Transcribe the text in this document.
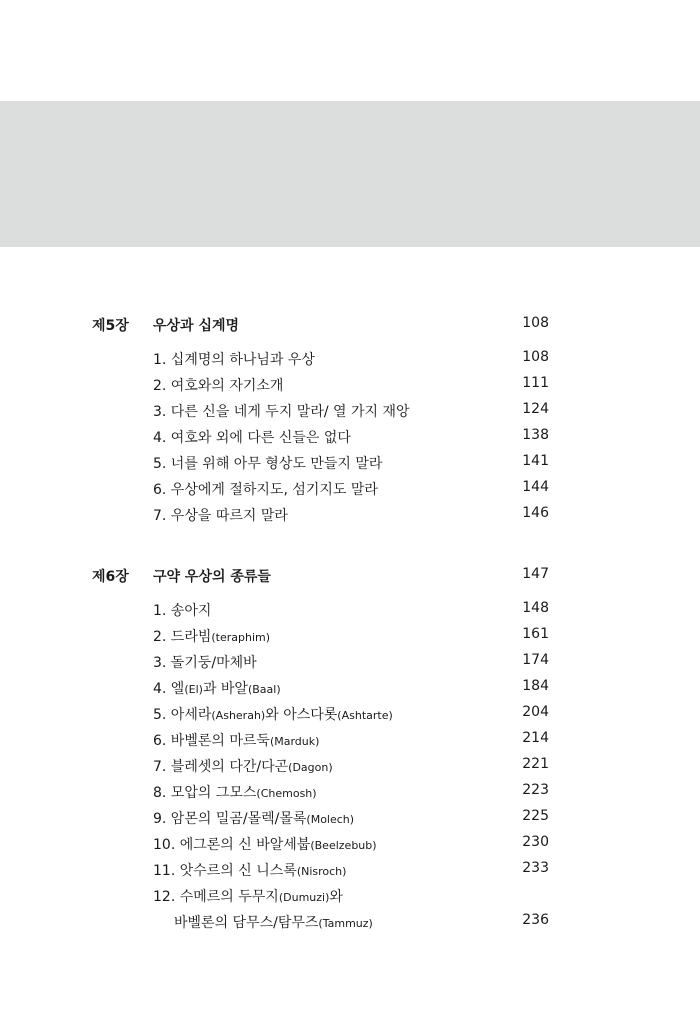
제5장 우상과 십계명	108
1. 십계명의 하나님과 우상	108
2. 여호와의 자기소개	111
3. 다른 신을 네게 두지 말라/ 열 가지 재앙	124
4. 여호와 외에 다른 신들은 없다	138
5. 너를 위해 아무 형상도 만들지 말라	141
6. 우상에게 절하지도, 섬기지도 말라	144
7. 우상을 따르지 말라	146
제6장 구약 우상의 종류들	147
1. 송아지	148
2. 드라빔(teraphim)	161
3. 돌기둥/마체바	174
4. 엘(El)과 바알(Baal)	184
5. 아세라(Asherah)와 아스다롯(Ashtarte)	204
6. 바벨론의 마르둑(Marduk)	214
7. 블레셋의 다간/다곤(Dagon)	221
8. 모압의 그모스(Chemosh)	223
9. 암몬의 밀곰/몰렉/몰록(Molech)	225
10. 에그론의 신 바알세붑(Beelzebub)	230
11. 앗수르의 신 니스록(Nisroch)	233
12. 수메르의 두무지(Dumuzi)와
바벨론의 담무스/탐무즈(Tammuz)	236
